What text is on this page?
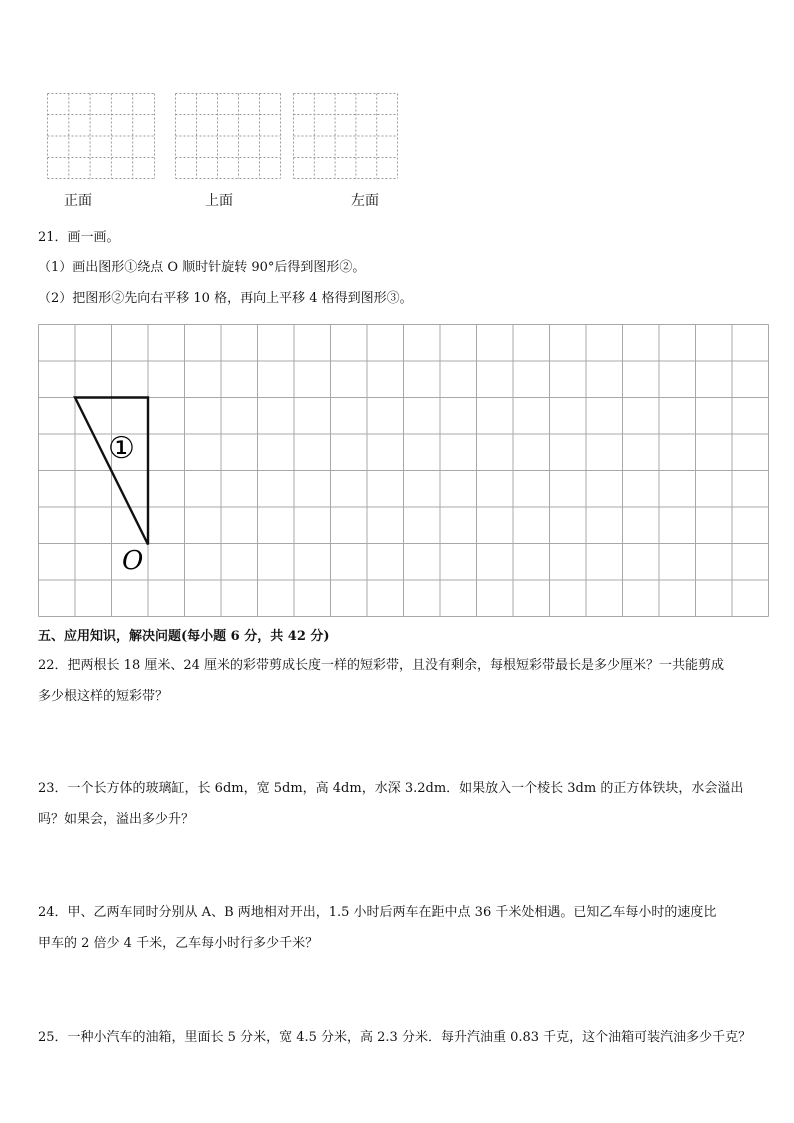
正面	上面	左面
21．画一画。
（1）画出图形①绕点 O 顺时针旋转 90°后得到图形②。
（2）把图形②先向右平移 10 格，再向上平移 4 格得到图形③。
①
O
五、应用知识，解决问题(每小题 6 分，共 42 分)
22．把两根长 18 厘米、24 厘米的彩带剪成长度一样的短彩带，且没有剩余，每根短彩带最长是多少厘米？一共能剪成
多少根这样的短彩带？
23．一个长方体的玻璃缸，长 6dm，宽 5dm，高 4dm，水深 3.2dm．如果放入一个棱长 3dm 的正方体铁块，水会溢出
吗？如果会，溢出多少升？
24．甲、乙两车同时分别从 A、B 两地相对开出，1.5 小时后两车在距中点 36 千米处相遇。已知乙车每小时的速度比
甲车的 2 倍少 4 千米，乙车每小时行多少千米？
25．一种小汽车的油箱，里面长 5 分米，宽 4.5 分米，高 2.3 分米．每升汽油重 0.83 千克，这个油箱可装汽油多少千克？
